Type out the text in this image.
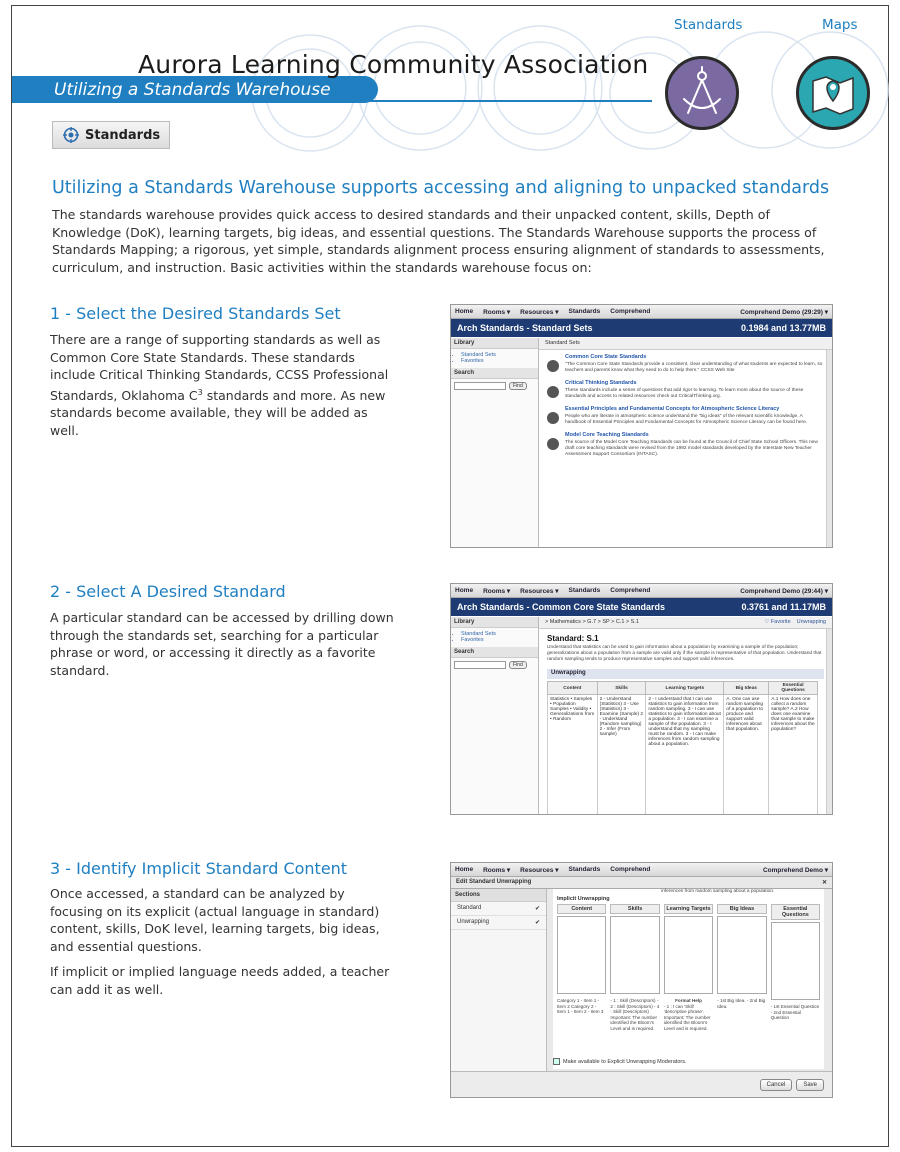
Aurora Learning Community Association
Utilizing a Standards Warehouse
Standards	Maps
Standards
Utilizing a Standards Warehouse supports accessing and aligning to unpacked standards
The standards warehouse provides quick access to desired standards and their unpacked content, skills, Depth of Knowledge (DoK), learning targets, big ideas, and essential questions. The Standards Warehouse supports the process of Standards Mapping; a rigorous, yet simple, standards alignment process ensuring alignment of standards to assessments, curriculum, and instruction. Basic activities within the standards warehouse focus on:
1 - Select the Desired Standards Set
There are a range of supporting standards as well as Common Core State Standards. These standards include Critical Thinking Standards, CCSS Professional Standards, Oklahoma $C^3$ standards and more. As new standards become available, they will be added as well.
2 - Select A Desired Standard
A particular standard can be accessed by drilling down through the standards set, searching for a particular phrase or word, or accessing it directly as a favorite standard.
3 - Identify Implicit Standard Content

Once accessed, a standard can be analyzed by focusing on its explicit (actual language in standard) content, skills, DoK level, learning targets, big ideas, and essential questions.

If implicit or implied language needs added, a teacher can add it as well.

Home Rooms ▾ Resources ▾ Standards Comprehend	Comprehend Demo (29:29) ▾
Arch Standards - Standard Sets	0.1984 and 13.77MB
Library
• Standard Sets
• Favorites
Search
Find
Standard Sets
Common Core State Standards
"The Common Core State Standards provide a consistent, clear understanding of what students are expected to learn, so teachers and parents know what they need to do to help them." CCSS Web Site
Critical Thinking Standards
These standards include a series of questions that add rigor to learning. To learn more about the source of these standards and access to related resources check out CriticalThinking.org.
Essential Principles and Fundamental Concepts for Atmospheric Science Literacy
People who are literate in atmospheric science understand the "big ideas" of the relevant scientific knowledge. A handbook of Essential Principles and Fundamental Concepts for Atmospheric Science Literacy can be found here.
Model Core Teaching Standards
The source of the Model Core Teaching Standards can be found at the Council of Chief State School Officers. This new draft core teaching standards were revised from the 1992 model standards developed by the Interstate New Teacher Assessment Support Consortium (INTASC).
Home Rooms ▾ Resources ▾ Standards Comprehend	Comprehend Demo (29:44) ▾
Arch Standards - Common Core State Standards	0.3761 and 11.17MB
Library
• Standard Sets
• Favorites
Search
Find
> Mathematics > G.7 > SP > C.1 > S.1	♡ Favorite Unwrapping
Standard: S.1
Understand that statistics can be used to gain information about a population by examining a sample of the population; generalizations about a population from a sample are valid only if the sample is representative of that population. Understand that random sampling tends to produce representative samples and support valid inferences.
Unwrapping
Content	Skills	Learning Targets	Big Ideas	Essential Questions
Statistics • Samples • Population Samples • Validity • Generalizations from • Random	2 - Understand (Statistics) 3 - Use (Statistics) 3 - Examine (Sample) 2 - Understand (Random sampling) 2 - Infer (From sample)	2 - I understand that I can use statistics to gain information from random sampling. 3 - I can use statistics to gain information about a population. 3 - I can examine a sample of the population. 3 - I understand that my sampling must be random. 3 - I can make inferences from random sampling about a population.	A. One can use random sampling of a population to produce and support valid inferences about that population.	A.1 How does one collect a random sample? A.2 How does one examine that sample to make inferences about the population?
Home Rooms ▾ Resources ▾ Standards Comprehend	Comprehend Demo ▾
Edit Standard Unwrapping	✕
Sections
Standard	✔
Unwrapping	✔
inferences from random sampling about a population.
Implicit Unwrapping
Content
Category 1 - Item 1 - Item 2 Category 2 - Item 1 - Item 2 - Item 3
Skills
- 1 : Skill (Descriptors) - 2 : Skill (Descriptors) - 4 : Skill (Descriptors) Important: The number identified the Bloom's Level and is required.
Learning Targets
Format Help
- 1 : I can 'Skill' 'descriptive phrase'. Important: The number identified the Bloom's Level and is required.
Big Ideas
- 1st Big Idea. - 2nd Big Idea.
Essential Questions
- 1st Essential Question - 2nd Essential Question
Make available to Explicit Unwrapping Moderators.
Cancel	Save
